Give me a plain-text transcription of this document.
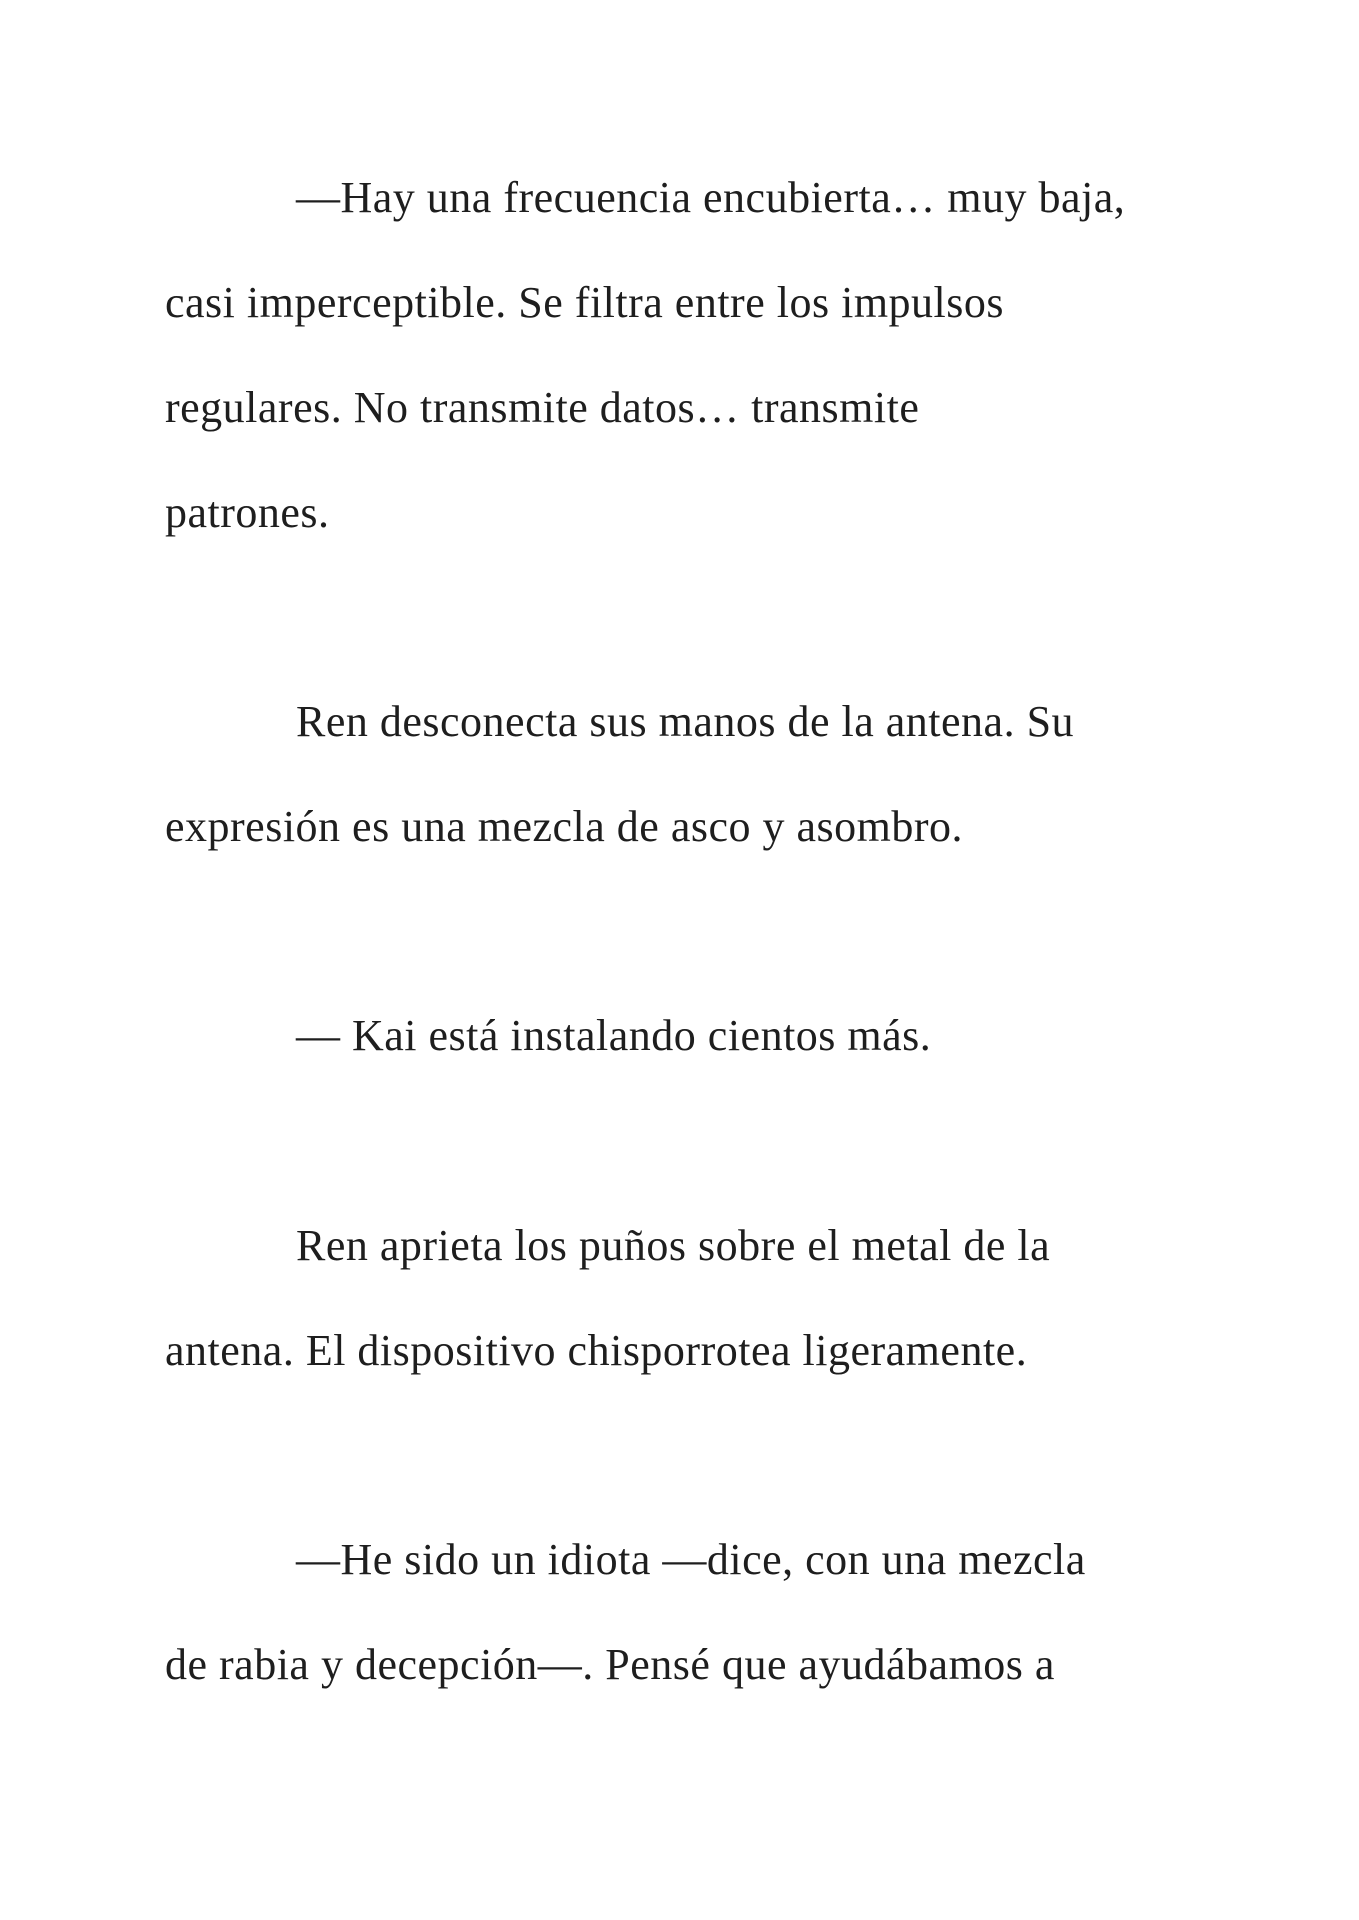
—Hay una frecuencia encubierta… muy baja,

casi imperceptible. Se filtra entre los impulsos

regulares. No transmite datos… transmite

patrones.

Ren desconecta sus manos de la antena. Su

expresión es una mezcla de asco y asombro.

— Kai está instalando cientos más.

Ren aprieta los puños sobre el metal de la

antena. El dispositivo chisporrotea ligeramente.

—He sido un idiota —dice, con una mezcla

de rabia y decepción—. Pensé que ayudábamos a
